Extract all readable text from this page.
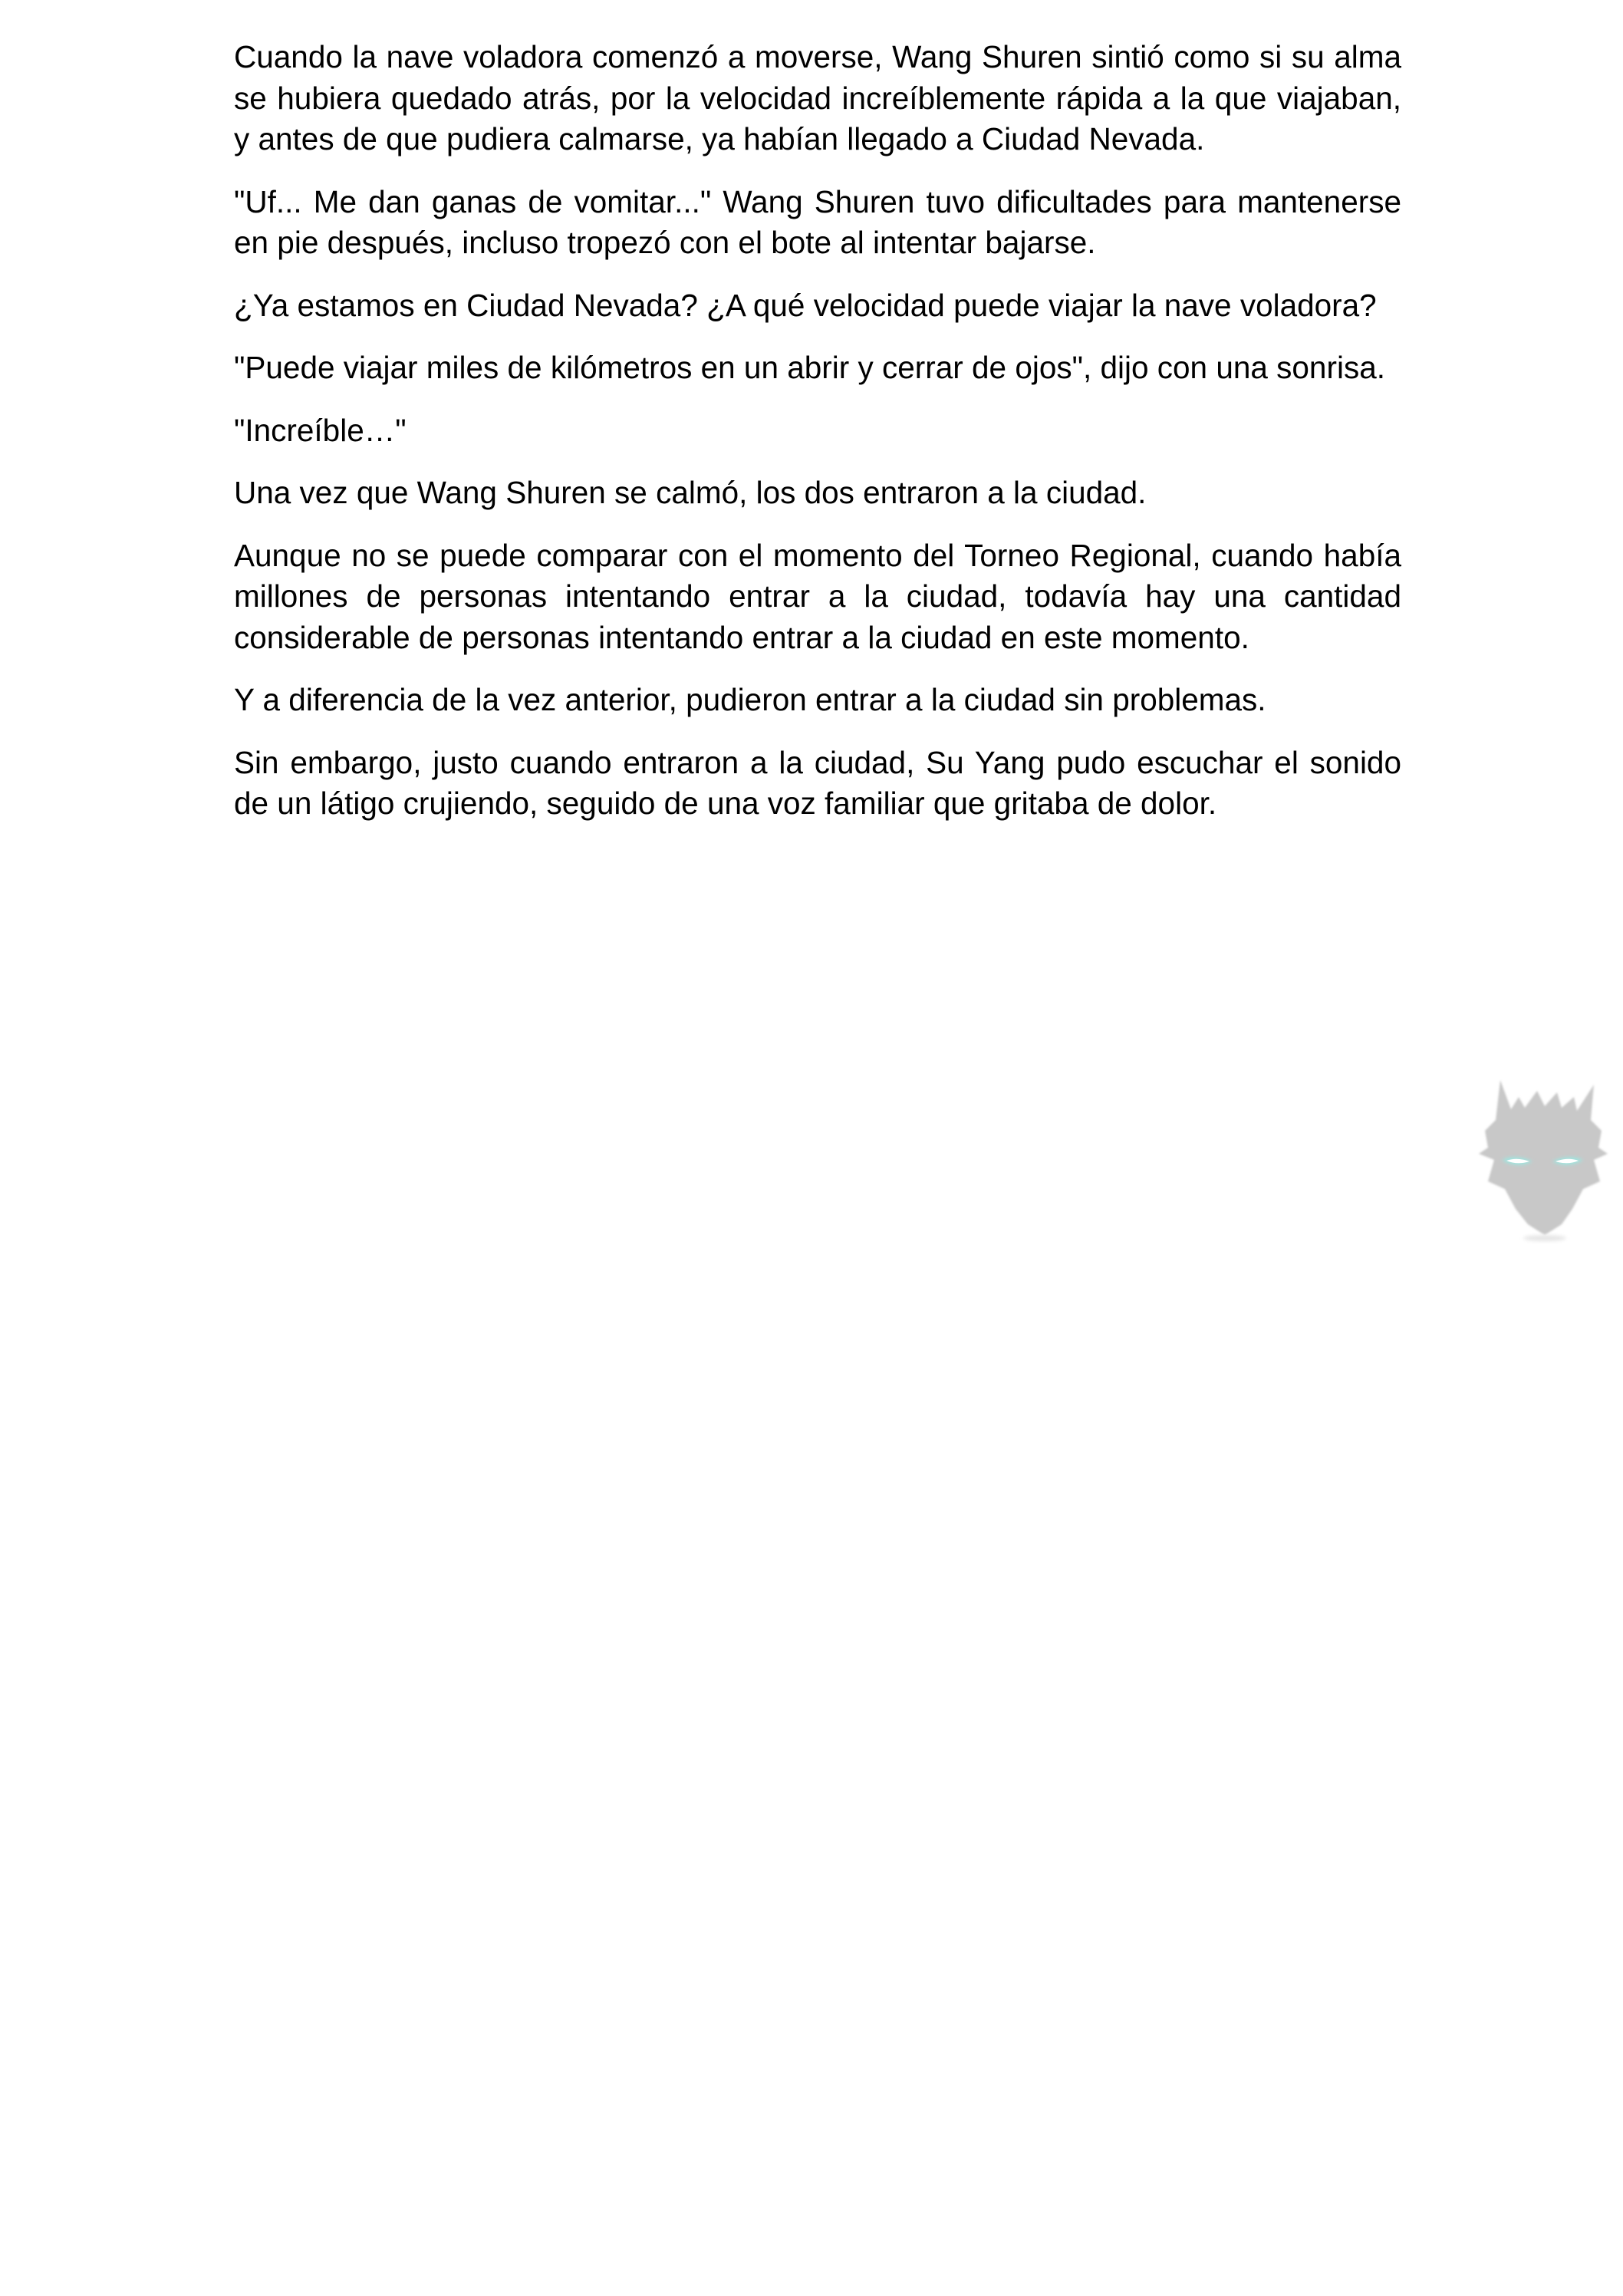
Cuando la nave voladora comenzó a moverse, Wang Shuren sintió como si su alma se hubiera quedado atrás, por la velocidad increíblemente rápida a la que viajaban, y antes de que pudiera calmarse, ya habían llegado a Ciudad Nevada.

"Uf... Me dan ganas de vomitar..." Wang Shuren tuvo dificultades para mantenerse en pie después, incluso tropezó con el bote al intentar bajarse.

¿Ya estamos en Ciudad Nevada? ¿A qué velocidad puede viajar la nave voladora?

"Puede viajar miles de kilómetros en un abrir y cerrar de ojos", dijo con una sonrisa.

"Increíble…"

Una vez que Wang Shuren se calmó, los dos entraron a la ciudad.

Aunque no se puede comparar con el momento del Torneo Regional, cuando había millones de personas intentando entrar a la ciudad, todavía hay una cantidad considerable de personas intentando entrar a la ciudad en este momento.

Y a diferencia de la vez anterior, pudieron entrar a la ciudad sin problemas.

Sin embargo, justo cuando entraron a la ciudad, Su Yang pudo escuchar el sonido de un látigo crujiendo, seguido de una voz familiar que gritaba de dolor.
